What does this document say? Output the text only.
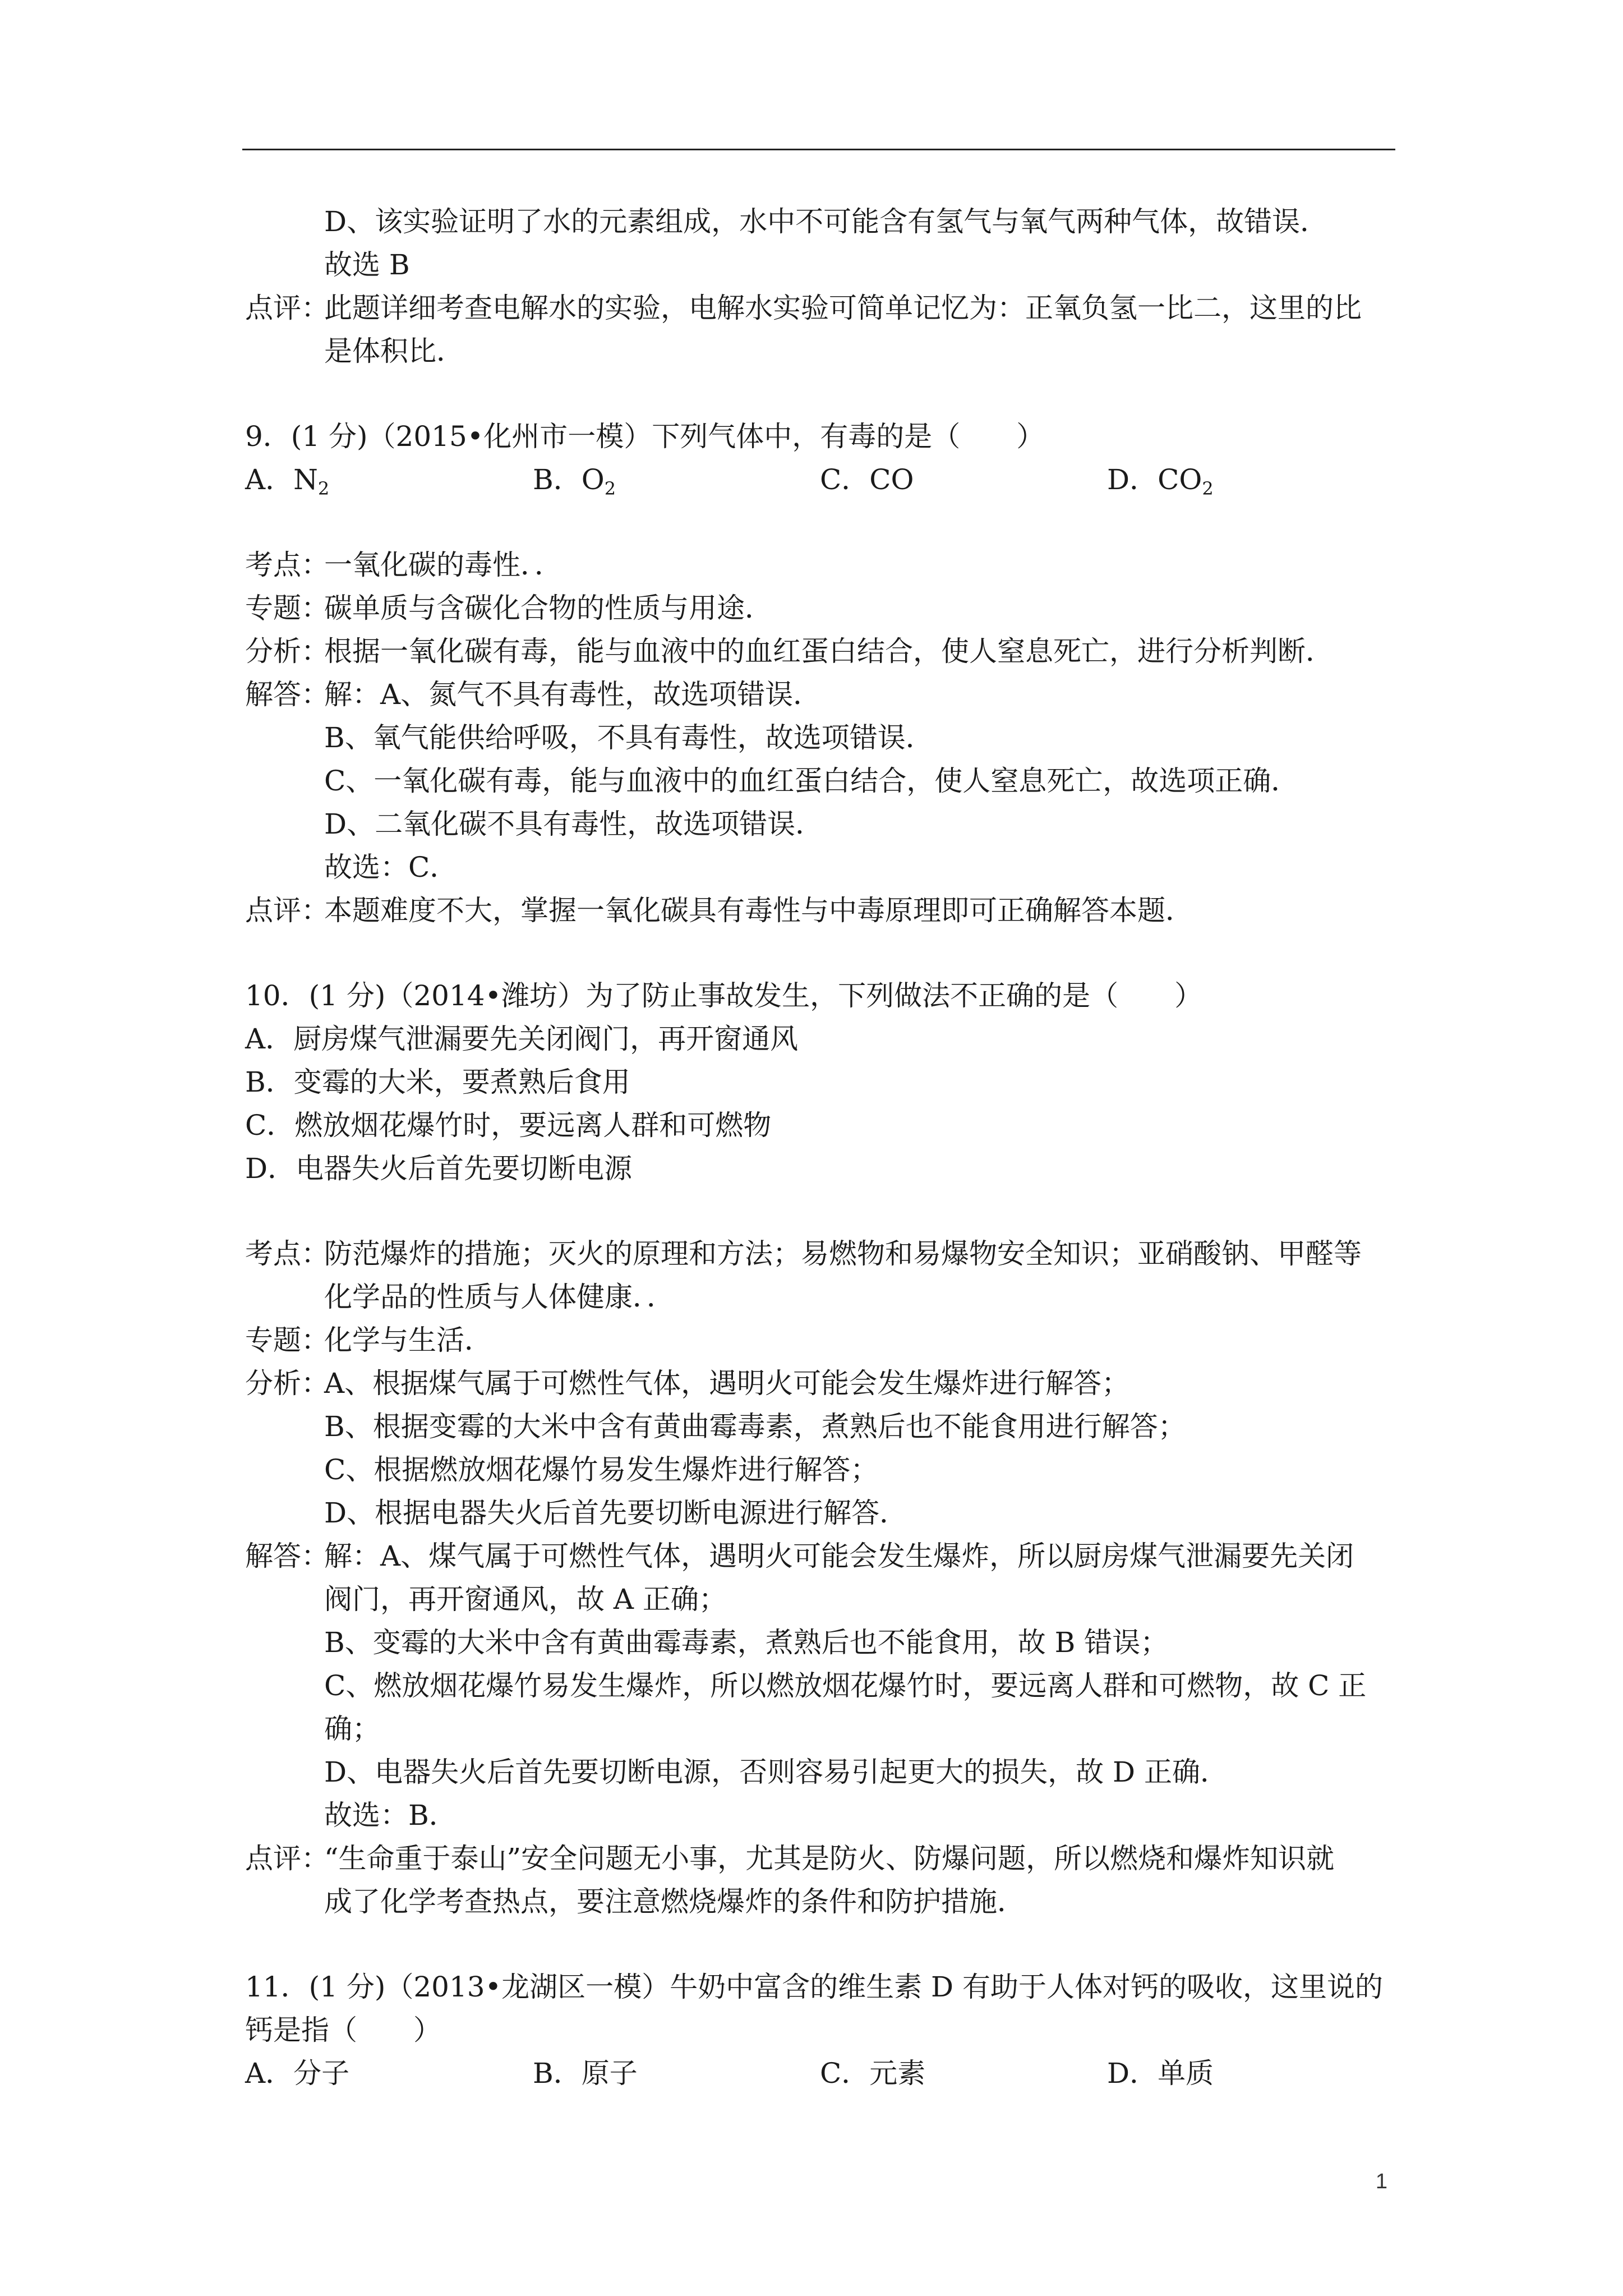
D、该实验证明了水的元素组成，水中不可能含有氢气与氧气两种气体，故错误．
故选 B
点评：
此题详细考查电解水的实验，电解水实验可简单记忆为：正氧负氢一比二，这里的比
是体积比．
9．(1 分)（2015•化州市一模）下列气体中，有毒的是（　　）
A．$N_2$	B．$O_2$	C．CO	D．$CO_2$
考点：
一氧化碳的毒性．．
专题：
碳单质与含碳化合物的性质与用途．
分析：
根据一氧化碳有毒，能与血液中的血红蛋白结合，使人窒息死亡，进行分析判断．
解答：
解：A、氮气不具有毒性，故选项错误．
B、氧气能供给呼吸，不具有毒性，故选项错误．
C、一氧化碳有毒，能与血液中的血红蛋白结合，使人窒息死亡，故选项正确．
D、二氧化碳不具有毒性，故选项错误．
故选：C．
点评：
本题难度不大，掌握一氧化碳具有毒性与中毒原理即可正确解答本题．
10．(1 分)（2014•潍坊）为了防止事故发生，下列做法不正确的是（　　）
A．厨房煤气泄漏要先关闭阀门，再开窗通风
B．变霉的大米，要煮熟后食用
C．燃放烟花爆竹时，要远离人群和可燃物
D．电器失火后首先要切断电源
考点：
防范爆炸的措施；灭火的原理和方法；易燃物和易爆物安全知识；亚硝酸钠、甲醛等
化学品的性质与人体健康．．
专题：
化学与生活．
分析：
A、根据煤气属于可燃性气体，遇明火可能会发生爆炸进行解答；
B、根据变霉的大米中含有黄曲霉毒素，煮熟后也不能食用进行解答；
C、根据燃放烟花爆竹易发生爆炸进行解答；
D、根据电器失火后首先要切断电源进行解答．
解答：
解：A、煤气属于可燃性气体，遇明火可能会发生爆炸，所以厨房煤气泄漏要先关闭
阀门，再开窗通风，故 A 正确；
B、变霉的大米中含有黄曲霉毒素，煮熟后也不能食用，故 B 错误；
C、燃放烟花爆竹易发生爆炸，所以燃放烟花爆竹时，要远离人群和可燃物，故 C 正
确；
D、电器失火后首先要切断电源，否则容易引起更大的损失，故 D 正确．
故选：B．
点评：
“生命重于泰山”安全问题无小事，尤其是防火、防爆问题，所以燃烧和爆炸知识就
成了化学考查热点，要注意燃烧爆炸的条件和防护措施．
11．(1 分)（2013•龙湖区一模）牛奶中富含的维生素 D 有助于人体对钙的吸收，这里说的
钙是指（　　）
A．分子	B．原子	C．元素	D．单质
1
